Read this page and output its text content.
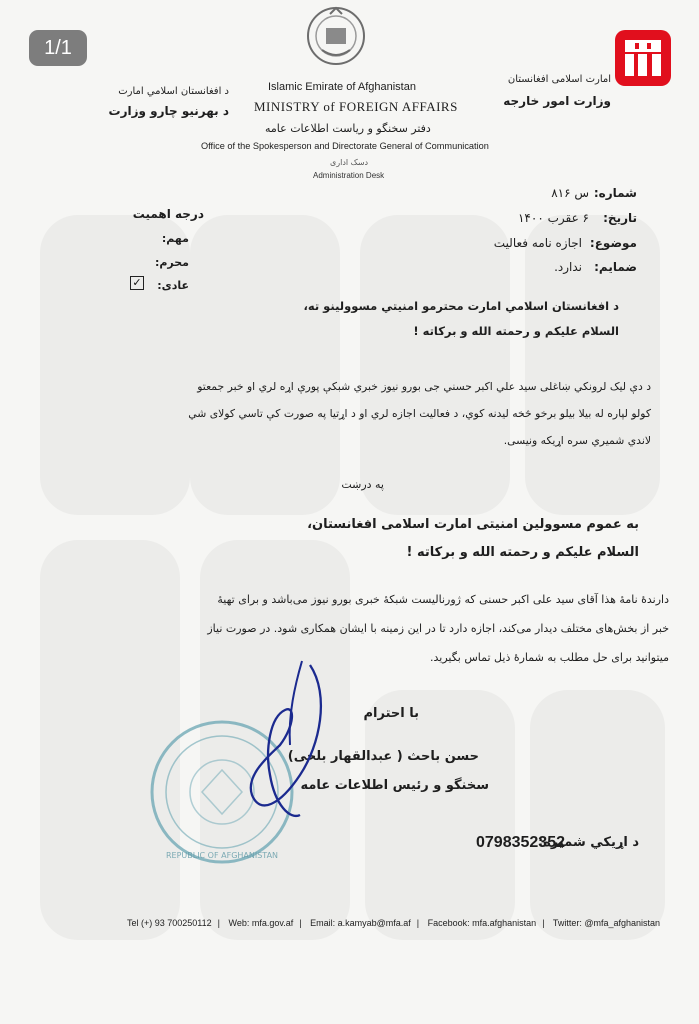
1/1
د افغانستان اسلامي امارت
د بهرنیو چارو وزارت
Islamic Emirate of Afghanistan
MINISTRY of FOREIGN AFFAIRS
دفتر سخنگو و ریاست اطلاعات عامه
Office of the Spokesperson and Directorate General of Communication
دسک اداری
Administration Desk
امارت اسلامی افغانستان
وزارت امور خارجه
شماره:
س ۸۱۶
تاریخ:
۶ عقرب ۱۴۰۰
موضوع:
اجازه نامه فعالیت
ضمایم:
ندارد.
درجه اهمیت
مهم:
محرم:
عادی:
✓
د افغانستان اسلامي امارت محترمو امنيتي مسوولينو ته،
السلام عليکم و رحمته الله و برکاته !
د دې لیک لرونکي ښاغلی سید علي اکبر حسني جی بورو نیوز خبري شبکې پورې اړه لري او خبر جمعتو
کولو لپاره له بیلا بیلو برخو څخه لیدنه کوي، د فعالیت اجازه لري او د اړتیا په صورت کې تاسي کولای شي
لاندي شمیري سره اړیکه ونیسی.
په درښت
به عموم مسوولین امنیتی امارت اسلامی افغانستان،
السلام علیکم و رحمته الله و برکاته !
دارندۀ نامۀ هذا آقای سید علی اکبر حسنی که ژورنالیست شبکۀ خبری بورو نیوز می‌باشد و برای تهیۀ
خبر از بخش‌های مختلف دیدار می‌کند، اجازه دارد تا در این زمینه با ایشان همکاری شود. در صورت نیاز
میتوانید برای حل مطلب به شمارۀ ذیل تماس بگیرید.
با احترام
حسن باحث ( عبدالقهار بلخی)
سخنگو و رئیس اطلاعات عامه
REPUBLIC OF AFGHANISTAN
د اړیکي شمیره:
0798352352
Tel (+) 93 700250112 | Web: mfa.gov.af | Email: a.kamyab@mfa.af | Facebook: mfa.afghanistan | Twitter: @mfa_afghanistan
